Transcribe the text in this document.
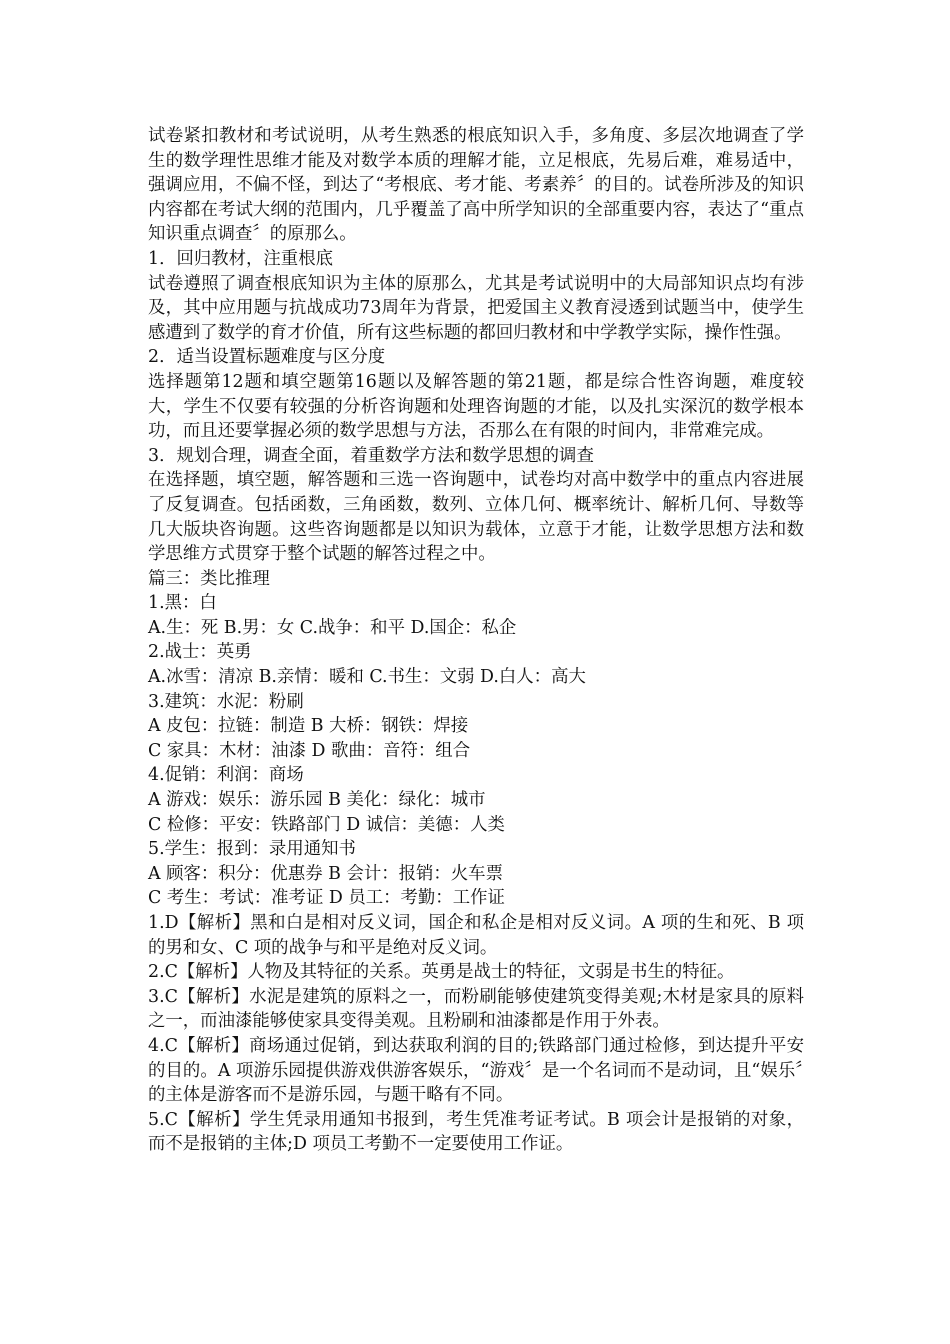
试卷紧扣教材和考试说明，从考生熟悉的根底知识入手，多角度、多层次地调查了学生的数学理性思维才能及对数学本质的理解才能，立足根底，先易后难，难易适中，强调应用，不偏不怪，到达了“考根底、考才能、考素养〞的目的。试卷所涉及的知识内容都在考试大纲的范围内，几乎覆盖了高中所学知识的全部重要内容，表达了“重点知识重点调查〞的原那么。

1．回归教材，注重根底

试卷遵照了调查根底知识为主体的原那么，尤其是考试说明中的大局部知识点均有涉及，其中应用题与抗战成功73周年为背景，把爱国主义教育浸透到试题当中，使学生感遭到了数学的育才价值，所有这些标题的都回归教材和中学教学实际，操作性强。

2．适当设置标题难度与区分度

选择题第12题和填空题第16题以及解答题的第21题，都是综合性咨询题，难度较大，学生不仅要有较强的分析咨询题和处理咨询题的才能，以及扎实深沉的数学根本功，而且还要掌握必须的数学思想与方法，否那么在有限的时间内，非常难完成。

3．规划合理，调查全面，着重数学方法和数学思想的调查

在选择题，填空题，解答题和三选一咨询题中，试卷均对高中数学中的重点内容进展了反复调查。包括函数，三角函数，数列、立体几何、概率统计、解析几何、导数等几大版块咨询题。这些咨询题都是以知识为载体，立意于才能，让数学思想方法和数学思维方式贯穿于整个试题的解答过程之中。

篇三：类比推理

1.黑：白

A.生：死 B.男：女 C.战争：和平 D.国企：私企

2.战士：英勇

A.冰雪：清凉 B.亲情：暖和 C.书生：文弱 D.白人：高大

3.建筑：水泥：粉刷

A 皮包：拉链：制造 B 大桥：钢铁：焊接

C 家具：木材：油漆 D 歌曲：音符：组合

4.促销：利润：商场

A 游戏：娱乐：游乐园 B 美化：绿化：城市

C 检修：平安：铁路部门 D 诚信：美德：人类

5.学生：报到：录用通知书

A 顾客：积分：优惠券 B 会计：报销：火车票

C 考生：考试：准考证 D 员工：考勤：工作证

1.D【解析】黑和白是相对反义词，国企和私企是相对反义词。A 项的生和死、B 项的男和女、C 项的战争与和平是绝对反义词。

2.C【解析】人物及其特征的关系。英勇是战士的特征，文弱是书生的特征。

3.C【解析】水泥是建筑的原料之一，而粉刷能够使建筑变得美观;木材是家具的原料之一，而油漆能够使家具变得美观。且粉刷和油漆都是作用于外表。

4.C【解析】商场通过促销，到达获取利润的目的;铁路部门通过检修，到达提升平安的目的。A 项游乐园提供游戏供游客娱乐，“游戏〞是一个名词而不是动词，且“娱乐〞的主体是游客而不是游乐园，与题干略有不同。

5.C【解析】学生凭录用通知书报到，考生凭准考证考试。B 项会计是报销的对象，而不是报销的主体;D 项员工考勤不一定要使用工作证。
